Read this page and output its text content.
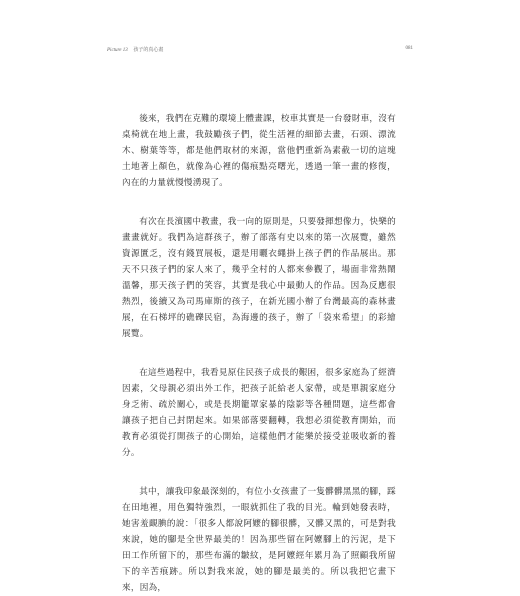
Picture 13 孩子的真心畫	081

後來，我們在克難的環境上體畫課，校車其實是一台發財車，沒有桌椅就在地上畫，我鼓勵孩子們，從生活裡的細節去畫，石頭、漂流木、樹葉等等，都是他們取材的來源，當他們重新為素截一切的這塊土地著上顏色，就像為心裡的傷痕點亮曙光，透過一筆一畫的修復，內在的力量就慢慢湧現了。

有次在長濱國中教畫，我一向的原則是，只要發揮想像力，快樂的畫畫就好。我們為這群孩子，辦了部落有史以來的第一次展覽，雖然資源匱乏，沒有錢買展板，還是用曬衣繩掛上孩子們的作品展出。那天不只孩子們的家人來了，幾乎全村的人都來參觀了，場面非常熱鬧溫馨，那天孩子們的笑容，其實是我心中最動人的作品。因為反應很熱烈，後續又為司馬庫斯的孩子，在新光國小辦了台灣最高的森林畫展，在石梯坪的礁礫民宿，為海邊的孩子，辦了「袋來希望」的彩繪展覽。

在這些過程中，我看見原住民孩子成長的艱困，很多家庭為了經濟因素，父母親必須出外工作，把孩子託給老人家帶，或是單親家庭分身乏術、疏於關心，或是長期籠罩家暴的陰影等各種問題，這些都會讓孩子把自己封閉起來。如果部落要翻轉，我想必須從教育開始，而教育必須從打開孩子的心開始，這樣他們才能樂於接受並吸收新的養分。

其中，讓我印象最深刻的，有位小女孩畫了一隻髒髒黑黑的腳，踩在田地裡，用色獨特強烈，一眼就抓住了我的目光。輪到她發表時，她害羞靦腆的說：「很多人都說阿嬤的腳很髒，又髒又黑的，可是對我來說，她的腳是全世界最美的！因為那些留在阿嬤腳上的污泥，是下田工作所留下的，那些布滿的皺紋，是阿嬤經年累月為了照顧我所留下的辛苦痕跡。所以對我來說，她的腳是最美的。所以我把它畫下來，因為，
